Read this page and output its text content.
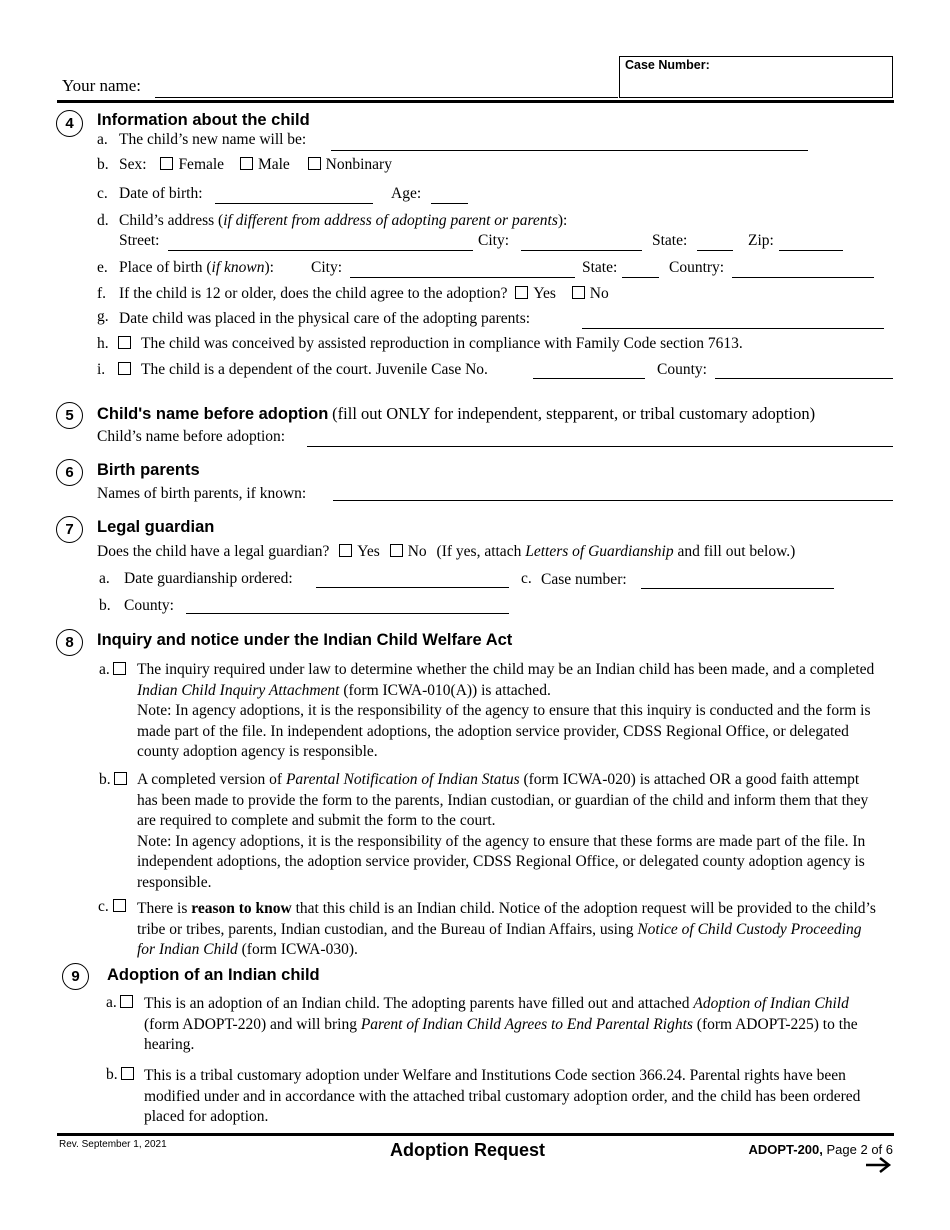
Your name:
Case Number:
4	Information about the child
a. The child’s new name will be:
b. Sex: Female Male Nonbinary
c. Date of birth:	Age:
d. Child’s address (if different from address of adopting parent or parents):
Street:	City:	State:	Zip:
e. Place of birth (if known): City:	State:	Country:
f. If the child is 12 or older, does the child agree to the adoption? Yes No
g. Date child was placed in the physical care of the adopting parents:
h.	The child was conceived by assisted reproduction in compliance with Family Code section 7613.
i.	The child is a dependent of the court. Juvenile Case No.	County:
5	Child's name before adoption (fill out ONLY for independent, stepparent, or tribal customary adoption)
Child’s name before adoption:
6	Birth parents
Names of birth parents, if known:
7	Legal guardian
Does the child have a legal guardian? Yes No (If yes, attach Letters of Guardianship and fill out below.)
a. Date guardianship ordered:	c. Case number:
b. County:
8	Inquiry and notice under the Indian Child Welfare Act
a.	The inquiry required under law to determine whether the child may be an Indian child has been made, and a completed Indian Child Inquiry Attachment (form ICWA-010(A)) is attached.
Note: In agency adoptions, it is the responsibility of the agency to ensure that this inquiry is conducted and the form is made part of the file. In independent adoptions, the adoption service provider, CDSS Regional Office, or delegated county adoption agency is responsible.
b.	A completed version of Parental Notification of Indian Status (form ICWA-020) is attached OR a good faith attempt has been made to provide the form to the parents, Indian custodian, or guardian of the child and inform them that they are required to complete and submit the form to the court.
Note: In agency adoptions, it is the responsibility of the agency to ensure that these forms are made part of the file. In independent adoptions, the adoption service provider, CDSS Regional Office, or delegated county adoption agency is responsible.
c.	There is reason to know that this child is an Indian child. Notice of the adoption request will be provided to the child’s tribe or tribes, parents, Indian custodian, and the Bureau of Indian Affairs, using Notice of Child Custody Proceeding for Indian Child (form ICWA-030).
9	Adoption of an Indian child
a.	This is an adoption of an Indian child. The adopting parents have filled out and attached Adoption of Indian Child (form ADOPT-220) and will bring Parent of Indian Child Agrees to End Parental Rights (form ADOPT-225) to the hearing.
b.	This is a tribal customary adoption under Welfare and Institutions Code section 366.24. Parental rights have been modified under and in accordance with the attached tribal customary adoption order, and the child has been ordered placed for adoption.
Rev. September 1, 2021	Adoption Request	ADOPT-200, Page 2 of 6
